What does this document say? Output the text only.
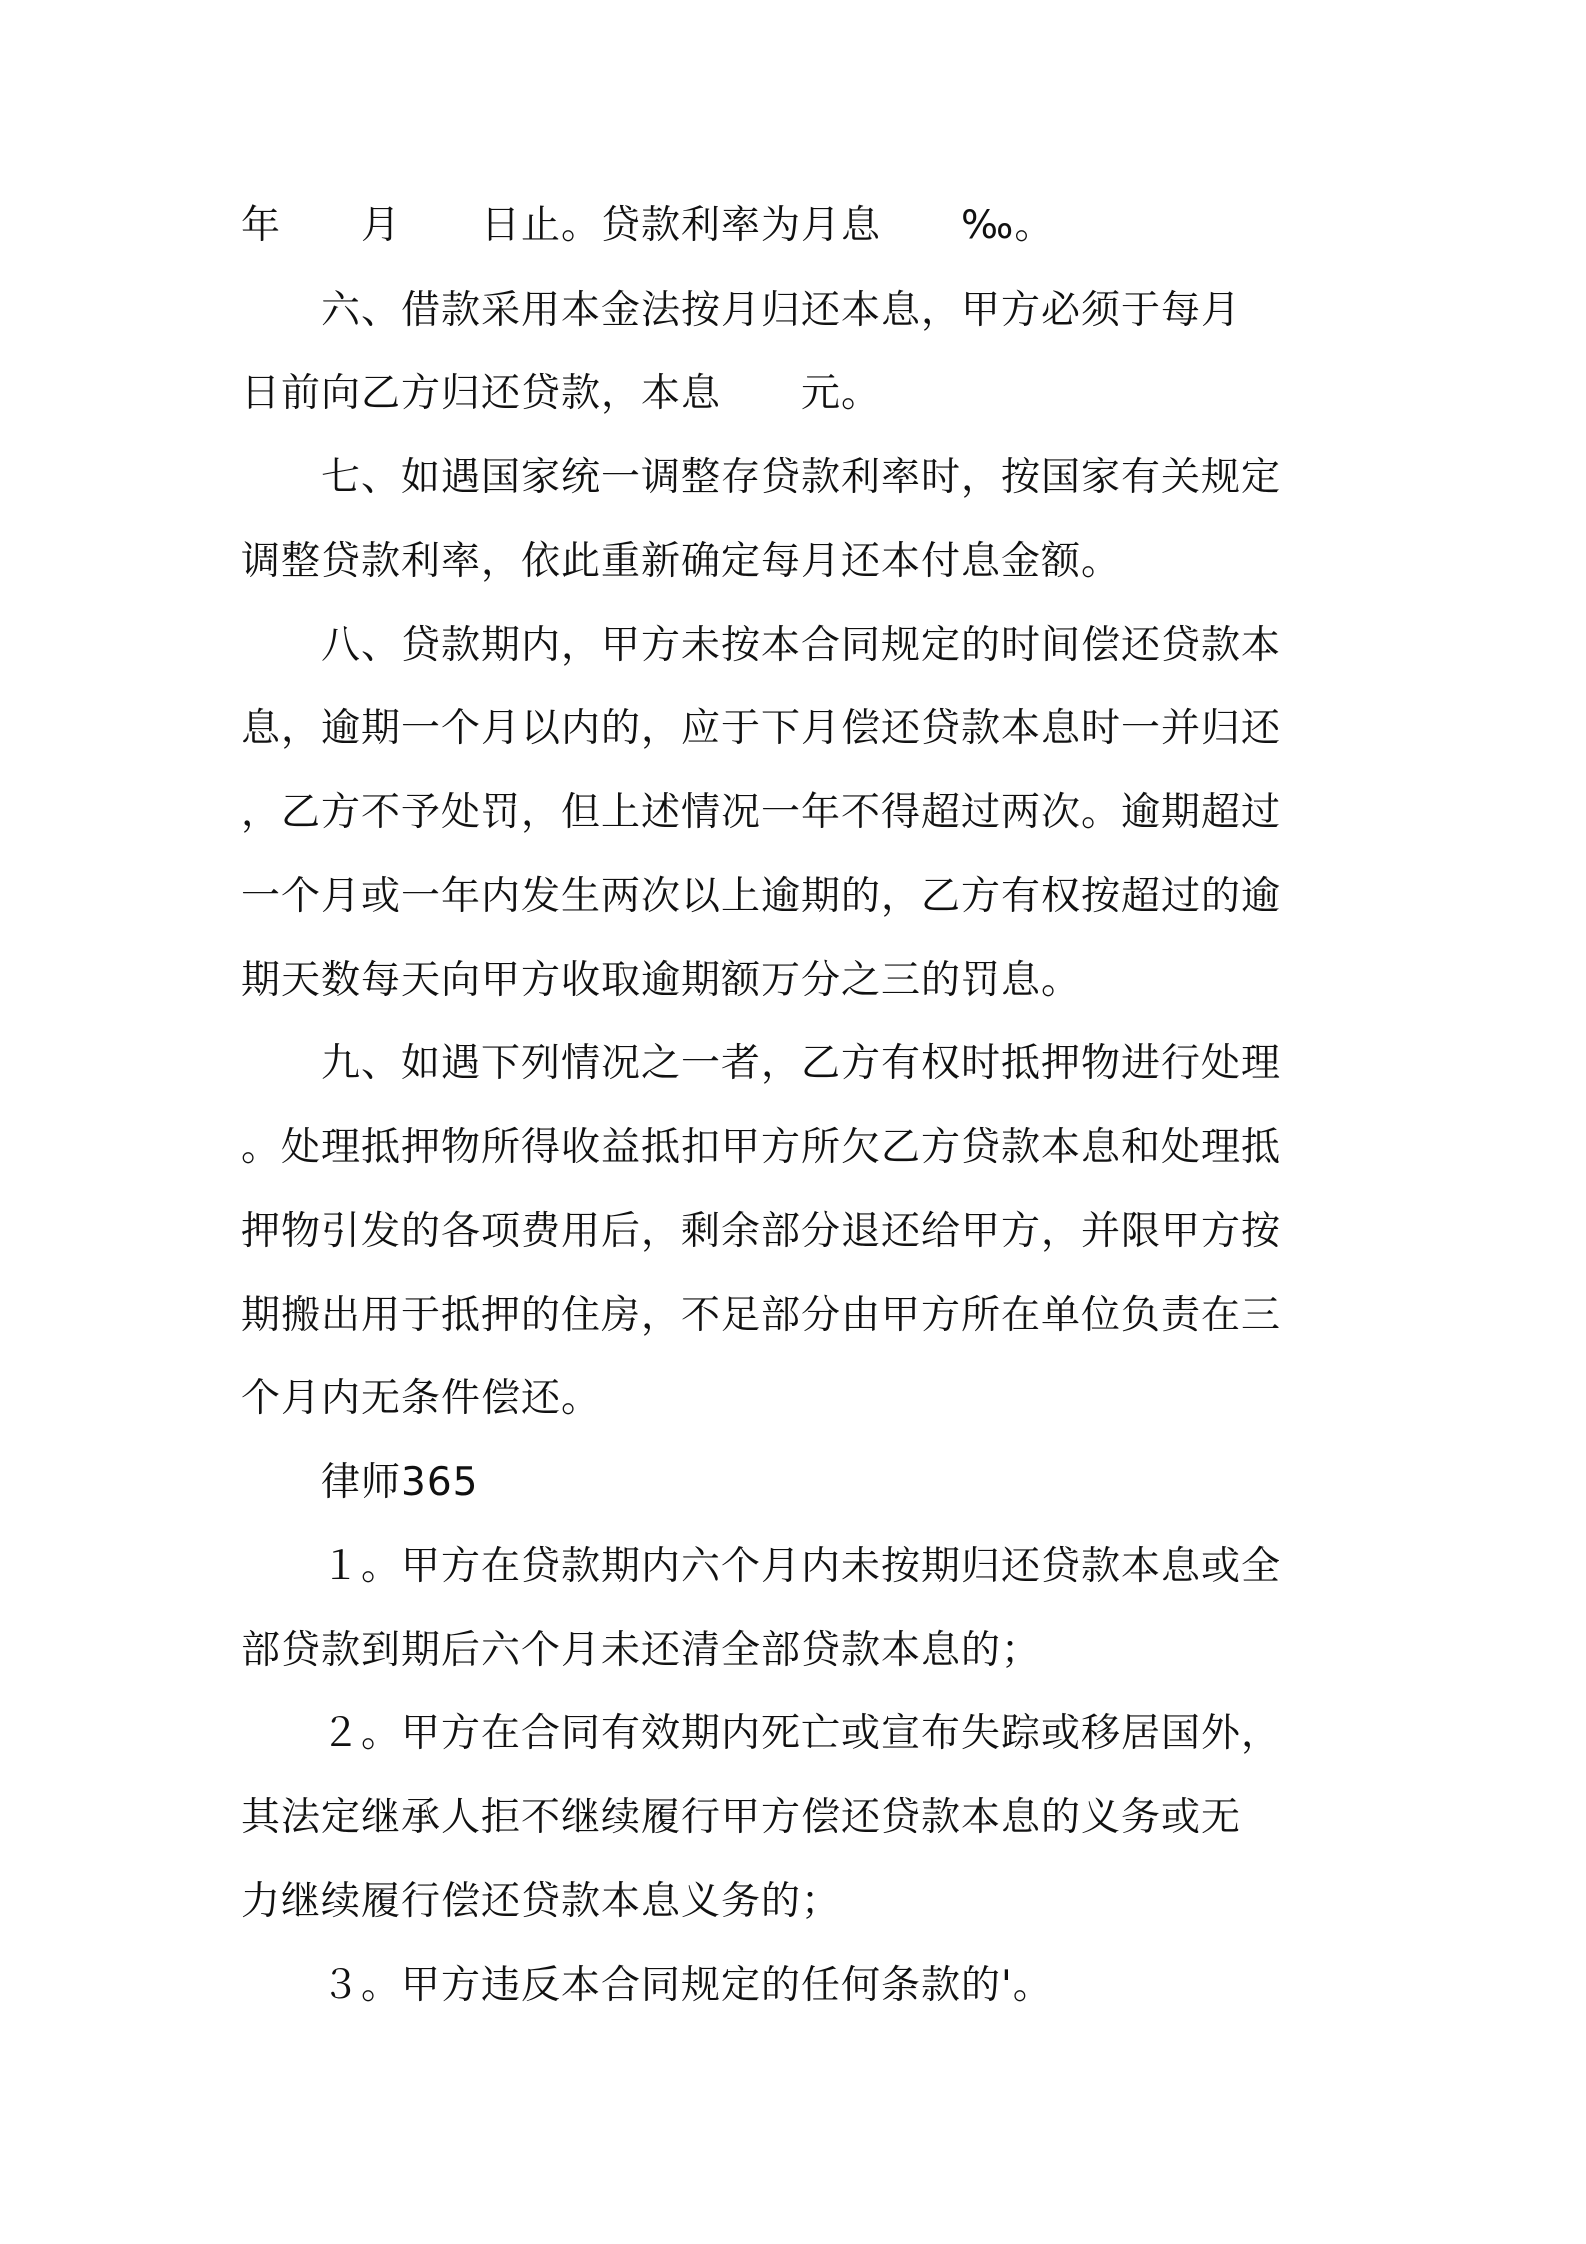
年　　月　　日止。贷款利率为月息　　‰。

　　六、借款采用本金法按月归还本息，甲方必须于每月

日前向乙方归还贷款，本息　　元。

　　七、如遇国家统一调整存贷款利率时，按国家有关规定

调整贷款利率，依此重新确定每月还本付息金额。

　　八、贷款期内，甲方未按本合同规定的时间偿还贷款本

息，逾期一个月以内的，应于下月偿还贷款本息时一并归还

，乙方不予处罚，但上述情况一年不得超过两次。逾期超过

一个月或一年内发生两次以上逾期的，乙方有权按超过的逾

期天数每天向甲方收取逾期额万分之三的罚息。

　　九、如遇下列情况之一者，乙方有权时抵押物进行处理

。处理抵押物所得收益抵扣甲方所欠乙方贷款本息和处理抵

押物引发的各项费用后，剩余部分退还给甲方，并限甲方按

期搬出用于抵押的住房，不足部分由甲方所在单位负责在三

个月内无条件偿还。

　　律师365

　　１。甲方在贷款期内六个月内未按期归还贷款本息或全

部贷款到期后六个月未还清全部贷款本息的；

　　２。甲方在合同有效期内死亡或宣布失踪或移居国外，

其法定继承人拒不继续履行甲方偿还贷款本息的义务或无

力继续履行偿还贷款本息义务的；

　　３。甲方违反本合同规定的任何条款的'。
